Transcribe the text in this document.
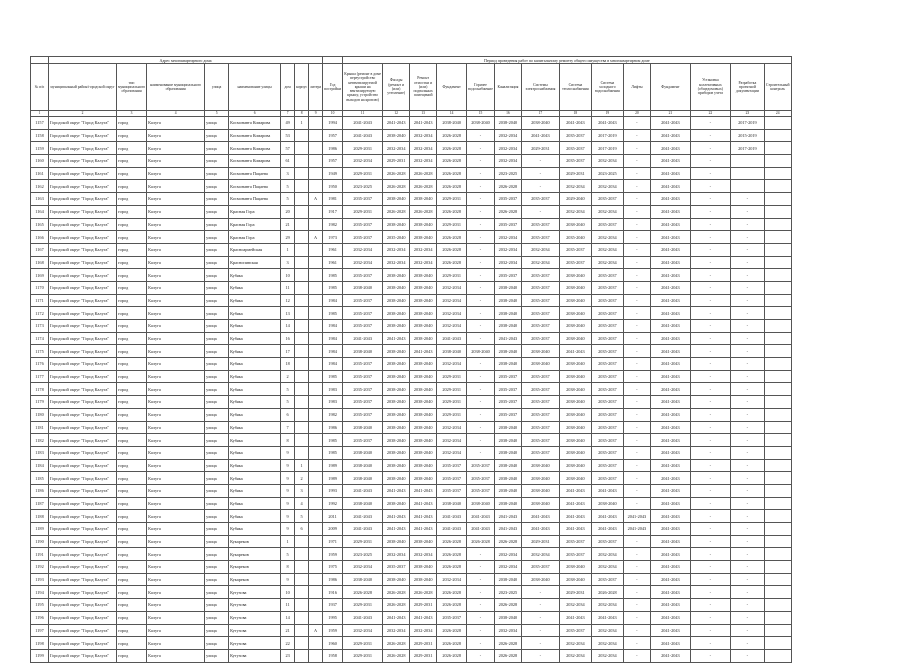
	Адрес многоквартирного дома									Период проведения работ по капитальному ремонту общего имущества в многоквартирном доме													
№ п/п	муниципальный район/городской округ	тип муниципального образования	наименование муниципального образования	улица	наименование улицы	дом	корпус	литера	Год постройки	Крыша (ремонт в доме переустройство невентилируемой крыши на вентилируемую крышу, устройство выходов на кровлю)	Фасады (ремонт и (или) утепление)	Ремонт отмостки и (или) подвальных помещений	Фундамент	Горячее водоснабжение	Канализация	Системы электроснабжения	Система теплоснабжения	Система холодного водоснабжения	Лифты	Фундамент	Установка коллективных (общедомовых) приборов учета	Разработка проектной документации	Строительный контроль
1	2	3	4	5	6	7	8	9	10	11	12	13	14	15	16	17	18	19	20	21	22	23	24
1157	Городской округ "Город Калуга"	город	Калуга	улица	Космонавта Комарова	49	1		1994	2041-2043	2041-2043	2041-2043	2038-2040	2038-2040	2038-2040	2038-2040	2041-2043	2041-2043	-	2041-2043	-	2017-2019	
1158	Городской округ "Город Калуга"	город	Калуга	улица	Космонавта Комарова	53			1957	2041-2043	2038-2040	2032-2034	2026-2028	-	2032-2034	2041-2043	2035-2037	2017-2019	-	2041-2043	-	2015-2019	
1159	Городской округ "Город Калуга"	город	Калуга	улица	Космонавта Комарова	57			1986	2029-2031	2032-2034	2032-2034	2026-2028	-	2032-2034	2029-2031	2035-2037	2017-2019	-	2041-2043	-	2017-2019	
1160	Городской округ "Город Калуга"	город	Калуга	улица	Космонавта Комарова	61			1957	2032-2034	2029-2031	2032-2034	2026-2028	-	2032-2034	-	2035-2037	2032-2034	-	2041-2043	-		
1161	Городской округ "Город Калуга"	город	Калуга	улица	Космонавта Пацаева	3			1949	2029-2031	2026-2028	2026-2028	2026-2028	-	2023-2025	-	2029-2031	2023-2025	-	2041-2043	-		
1162	Городской округ "Город Калуга"	город	Калуга	улица	Космонавта Пацаева	5			1950	2023-2025	2026-2028	2026-2028	2026-2028	-	2026-2028	-	2032-2034	2032-2034	-	2041-2043	-		
1163	Городской округ "Город Калуга"	город	Калуга	улица	Космонавта Пацаева	5		А	1981	2035-2037	2038-2040	2038-2040	2029-2031	-	2035-2037	2035-2037	2029-2040	2035-2037	-	2041-2043	-	-	
1164	Городской округ "Город Калуга"	город	Калуга	улица	Красная Гора	20			1917	2029-2031	2026-2028	2026-2028	2026-2028	-	2026-2028	-	2032-2034	2032-2034	-	2041-2043	-	-	
1165	Городской округ "Город Калуга"	город	Калуга	улица	Красная Гора	21			1982	2035-2037	2038-2040	2038-2040	2029-2031	-	2035-2037	2035-2037	2038-2040	2035-2037	-	2041-2043	-	-	
1166	Городской округ "Город Калуга"	город	Калуга	улица	Красная Гора	29		А	1973	2035-2037	2035-2040	2038-2040	2026-2028	-	2032-2034	2035-2037	2035-2040	2032-2034	-	2041-2043	-	-	
1167	Городской округ "Город Калуга"	город	Калуга	улица	Красноармейская	1			1961	2032-2034	2032-2034	2032-2034	2026-2028	-	2032-2034	2032-2034	2035-2037	2032-2034	-	2041-2043	-	-	
1168	Городской округ "Город Калуга"	город	Калуга	улица	Краснопивская	3			1961	2032-2034	2032-2034	2032-2034	2026-2028	-	2032-2034	2032-2034	2035-2037	2032-2034	-	2041-2043	-	-	
1169	Городской округ "Город Калуга"	город	Калуга	улица	Кубяка	10			1985	2035-2037	2038-2040	2038-2040	2029-2031	-	2035-2037	2035-2037	2038-2040	2035-2037	-	2041-2043	-	-	
1170	Городской округ "Город Калуга"	город	Калуга	улица	Кубяка	11			1985	2038-2040	2038-2040	2038-2040	2032-2034	-	2038-2040	2035-2037	2038-2040	2035-2037	-	2041-2043	-	-	
1171	Городской округ "Город Калуга"	город	Калуга	улица	Кубяка	12			1984	2035-2037	2038-2040	2038-2040	2032-2034	-	2038-2040	2035-2037	2038-2040	2035-2037	-	2041-2043	-	-	
1172	Городской округ "Город Калуга"	город	Калуга	улица	Кубяка	13			1985	2035-2037	2038-2040	2038-2040	2032-2034	-	2038-2040	2035-2037	2038-2040	2035-2037	-	2041-2043	-	-	
1173	Городской округ "Город Калуга"	город	Калуга	улица	Кубяка	14			1984	2035-2037	2038-2040	2038-2040	2032-2034	-	2038-2040	2035-2037	2038-2040	2035-2037	-	2041-2043	-	-	
1174	Городской округ "Город Калуга"	город	Калуга	улица	Кубяка	16			1984	2041-2043	2041-2043	2038-2040	2041-2043	-	2041-2043	2035-2037	2038-2040	2035-2037	-	2041-2043	-	-	
1175	Городской округ "Город Калуга"	город	Калуга	улица	Кубяка	17			1984	2038-2040	2038-2040	2041-2043	2038-2040	2038-2040	2038-2040	2038-2040	2041-2043	2035-2037	-	2041-2043	-	-	
1176	Городской округ "Город Калуга"	город	Калуга	улица	Кубяка	18			1984	2035-2037	2038-2040	2038-2040	2032-2034	-	2038-2040	2038-2040	2038-2040	2035-2037	-	2041-2043	-	-	
1177	Городской округ "Город Калуга"	город	Калуга	улица	Кубяка	2			1985	2035-2037	2038-2040	2038-2040	2029-2031	-	2035-2037	2035-2037	2038-2040	2035-2037	-	2041-2043	-	-	
1178	Городской округ "Город Калуга"	город	Калуга	улица	Кубяка	5			1983	2035-2037	2038-2040	2038-2040	2029-2031	-	2035-2037	2035-2037	2038-2040	2035-2037	-	2041-2043	-	-	
1179	Городской округ "Город Калуга"	город	Калуга	улица	Кубяка	5			1983	2035-2037	2038-2040	2038-2040	2029-2031	-	2035-2037	2035-2037	2038-2040	2035-2037	-	2041-2043	-	-	
1180	Городской округ "Город Калуга"	город	Калуга	улица	Кубяка	6			1982	2035-2037	2038-2040	2038-2040	2029-2031	-	2035-2037	2035-2037	2038-2040	2035-2037	-	2041-2043	-	-	
1181	Городской округ "Город Калуга"	город	Калуга	улица	Кубяка	7			1986	2038-2040	2038-2040	2038-2040	2032-2034	-	2038-2040	2035-2037	2038-2040	2035-2037	-	2041-2043	-	-	
1182	Городской округ "Город Калуга"	город	Калуга	улица	Кубяка	8			1985	2035-2037	2038-2040	2038-2040	2032-2034	-	2038-2040	2035-2037	2038-2040	2035-2037	-	2041-2043	-	-	
1183	Городской округ "Город Калуга"	город	Калуга	улица	Кубяка	9			1985	2038-2040	2038-2040	2038-2040	2032-2034	-	2038-2040	2035-2037	2038-2040	2035-2037	-	2041-2043	-	-	
1184	Городской округ "Город Калуга"	город	Калуга	улица	Кубяка	9	1		1989	2038-2040	2038-2040	2038-2040	2035-2037	2035-2037	2038-2040	2038-2040	2038-2040	2035-2037	-	2041-2043	-	-	
1185	Городской округ "Город Калуга"	город	Калуга	улица	Кубяка	9	2		1989	2038-2040	2038-2040	2038-2040	2035-2037	2035-2037	2038-2040	2038-2040	2038-2040	2035-2037	-	2041-2043	-	-	
1186	Городской округ "Город Калуга"	город	Калуга	улица	Кубяка	9	3		1993	2041-2043	2041-2043	2041-2043	2035-2037	2035-2037	2038-2040	2038-2040	2041-2043	2041-2043	-	2041-2043	-	-	
1187	Городской округ "Город Калуга"	город	Калуга	улица	Кубяка	9	4		1992	2038-2040	2038-2040	2041-2043	2038-2040	2038-2040	2038-2040	2038-2040	2041-2043	2038-2040	-	2041-2043	-	-	
1188	Городской округ "Город Калуга"	город	Калуга	улица	Кубяка	9	5		2011	2041-2043	2041-2043	2041-2043	2041-2043	2041-2043	2041-2043	2041-2043	2041-2043	2041-2043	2041-2043	2041-2043	-	-	
1189	Городской округ "Город Калуга"	город	Калуга	улица	Кубяка	9	6		2009	2041-2043	2041-2043	2041-2043	2041-2043	2041-2043	2041-2043	2041-2043	2041-2043	2041-2043	2041-2043	2041-2043	-	-	
1190	Городской округ "Город Калуга"	город	Калуга	улица	Кукареков	1			1971	2029-2031	2038-2040	2038-2040	2026-2028	2026-2028	2026-2028	2029-2031	2035-2037	2035-2037	-	2041-2043	-	-	
1191	Городской округ "Город Калуга"	город	Калуга	улица	Кукареков	5			1959	2023-2025	2032-2034	2032-2034	2026-2028	-	2032-2034	2032-2034	2035-2037	2032-2034	-	2041-2043	-	-	
1192	Городской округ "Город Калуга"	город	Калуга	улица	Кукареков	8			1975	2032-2034	2035-2037	2038-2040	2026-2028	-	2032-2034	2035-2037	2038-2040	2032-2034	-	2041-2043	-	-	
1193	Городской округ "Город Калуга"	город	Калуга	улица	Кукареков	9			1986	2038-2040	2038-2040	2038-2040	2032-2034	-	2038-2040	2038-2040	2038-2040	2035-2037	-	2041-2043	-	-	
1194	Городской округ "Город Калуга"	город	Калуга	улица	Кутузова	10			1916	2026-2028	2026-2028	2026-2028	2026-2028	-	2023-2025	-	2029-2031	2026-2028	-	2041-2043	-	-	
1195	Городской округ "Город Калуга"	город	Калуга	улица	Кутузова	11			1937	2029-2031	2026-2028	2029-2031	2026-2028	-	2026-2028	-	2032-2034	2032-2034	-	2041-2043	-	-	
1196	Городской округ "Город Калуга"	город	Калуга	улица	Кутузова	14			1995	2041-2043	2041-2043	2041-2043	2035-2037	-	2038-2040	-	2041-2043	2041-2043	-	2041-2043	-	-	
1197	Городской округ "Город Калуга"	город	Калуга	улица	Кутузова	21		А	1959	2032-2034	2032-2034	2032-2034	2026-2028	-	2032-2034	-	2035-2037	2032-2034	-	2041-2043	-	-	
1198	Городской округ "Город Калуга"	город	Калуга	улица	Кутузова	22			1960	2029-2031	2026-2028	2029-2031	2026-2028	-	2026-2028	-	2032-2034	2032-2034	-	2041-2043	-	-	
1199	Городской округ "Город Калуга"	город	Калуга	улица	Кутузова	23			1958	2029-2031	2026-2028	2029-2031	2026-2028	-	2026-2028	-	2032-2034	2032-2034	-	2041-2043	-	-	
